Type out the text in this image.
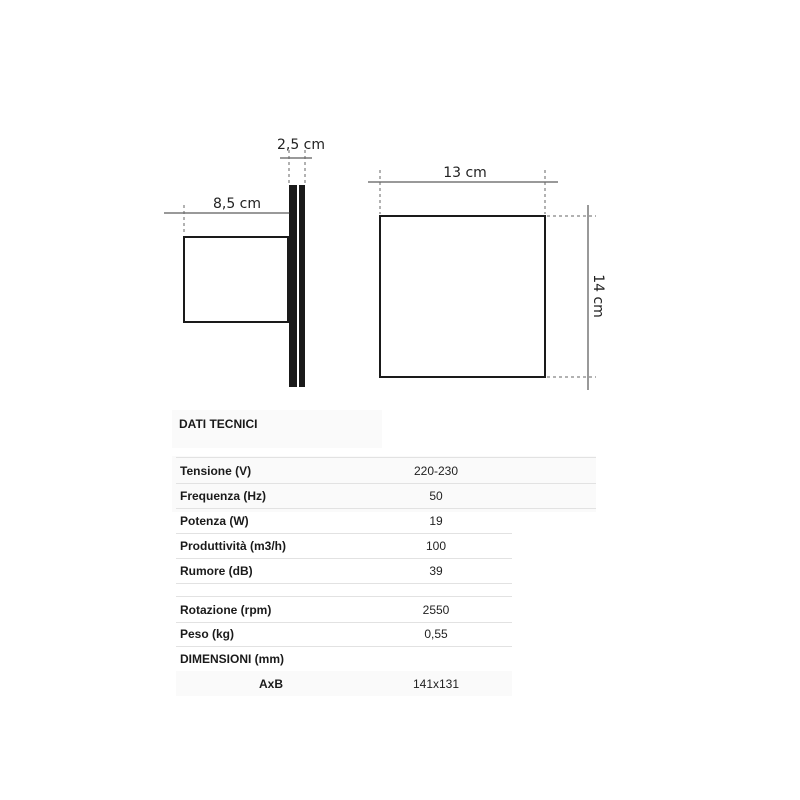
8,5 cm
2,5 cm
13 cm
14 cm
DATI TECNICI
Tensione (V)	220-230
Frequenza (Hz)	50
Potenza (W)	19
Produttività (m3/h)	100
Rumore (dB)	39
Rotazione (rpm)	2550
Peso (kg)	0,55
DIMENSIONI (mm)
AxB	141x131
